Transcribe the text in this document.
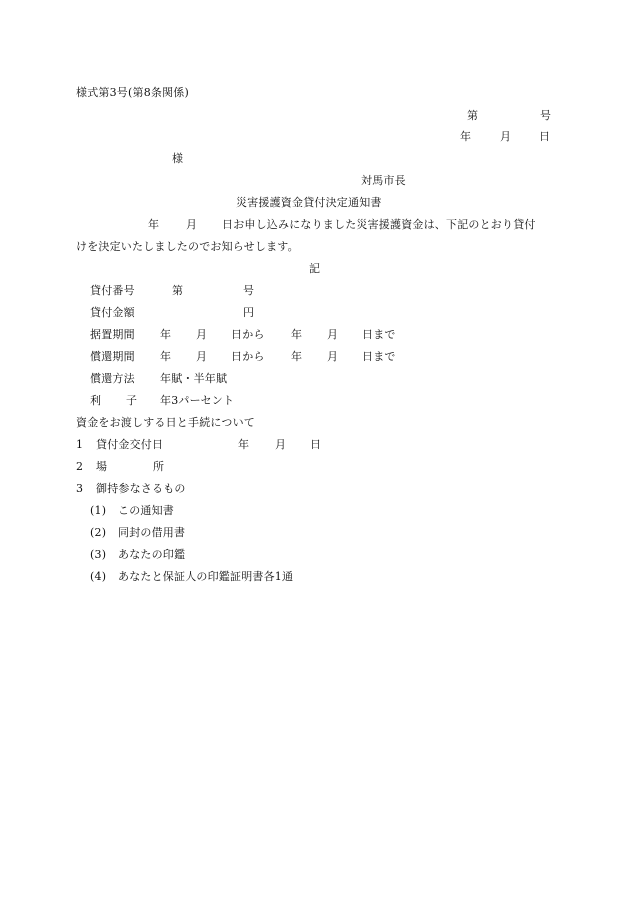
様式第3号(第8条関係)
第	号
年	月	日
様
対馬市長
災害援護資金貸付決定通知書
年 月 日お申し込みになりました災害援護資金は、下記のとおり貸付
けを決定いたしましたのでお知らせします。
記
貸付番号	第	号
貸付金額	円
据置期間 年 月 日から 年 月 日まで
償還期間 年 月 日から 年 月 日まで
償還方法 年賦・半年賦
利 子 年3パーセント
資金をお渡しする日と手続について
1 貸付金交付日	年 月 日
2 場	所
3 御持参なさるもの
(1) この通知書
(2) 同封の借用書
(3) あなたの印鑑
(4) あなたと保証人の印鑑証明書各1通
